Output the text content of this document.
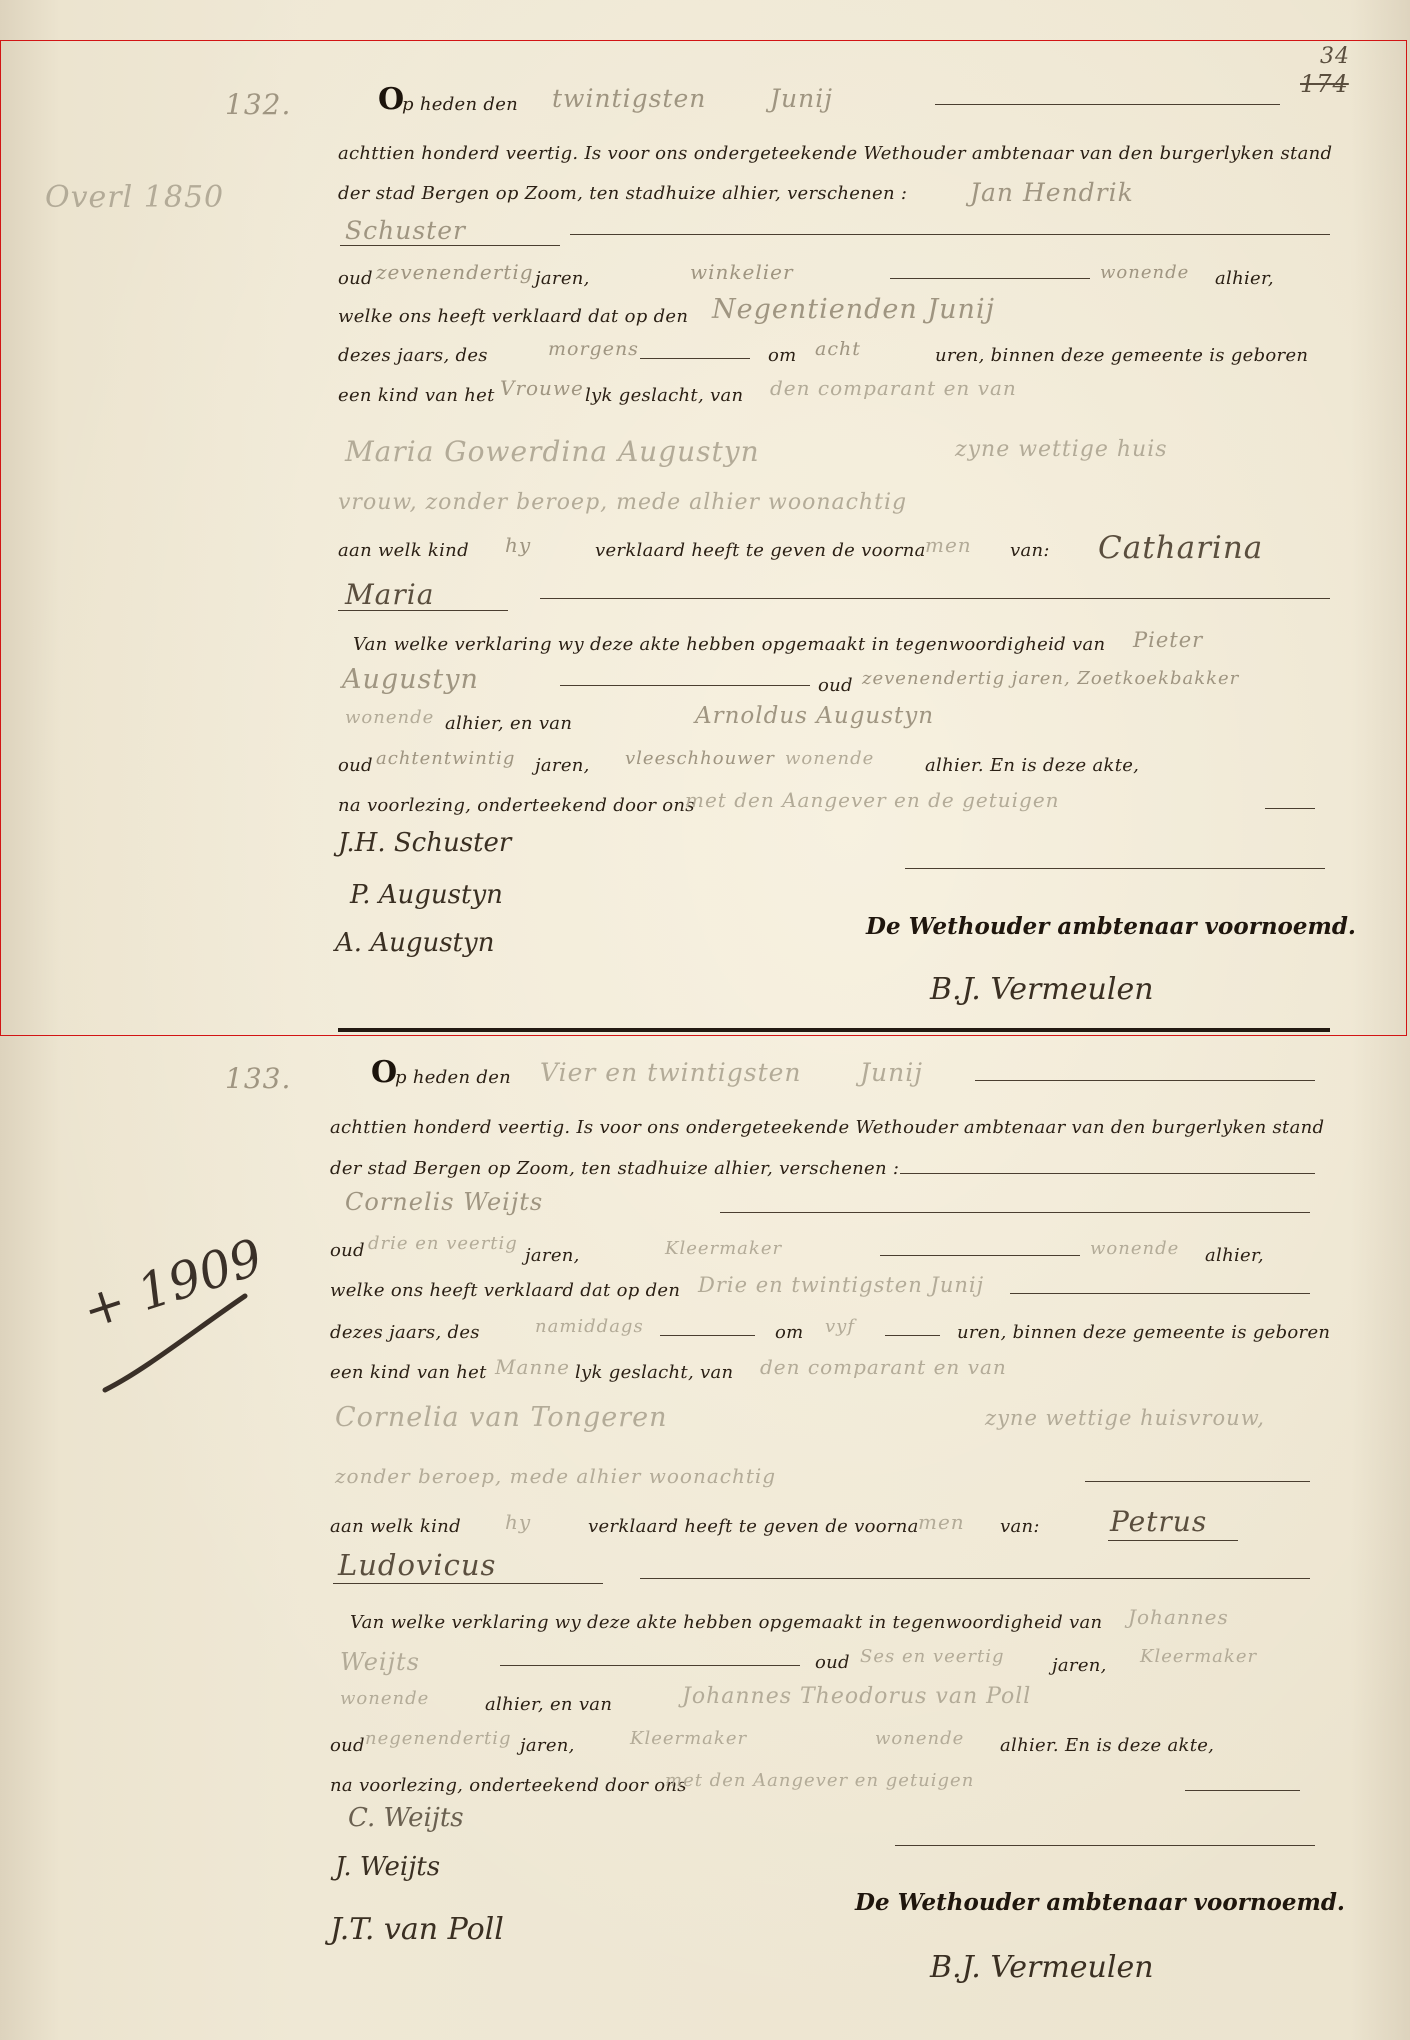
34
174
132.
Overl 1850
O
p heden den twintigsten	Junij
achttien honderd veertig. Is voor ons ondergeteekende Wethouder ambtenaar van den burgerlyken stand
der stad Bergen op Zoom, ten stadhuize alhier, verschenen :	Jan Hendrik
Schuster
oud zevenendertig jaren,	winkelier	wonende alhier,
welke ons heeft verklaard dat op den Negentienden Junij
dezes jaars, des	morgens	om acht	uren, binnen deze gemeente is geboren
een kind van het Vrouwe lyk geslacht, van den comparant en van
Maria Gowerdina Augustyn	zyne wettige huis
vrouw, zonder beroep, mede alhier woonachtig
aan welk kind hy	verklaard heeft te geven de voorna men van: Catharina
Maria
Van welke verklaring wy deze akte hebben opgemaakt in tegenwoordigheid van Pieter
Augustyn	oud zevenendertig jaren, Zoetkoekbakker
wonende alhier, en van	Arnoldus Augustyn
oud achtentwintig jaren, vleeschhouwer wonende	alhier. En is deze akte,
na voorlezing, onderteekend door ons
met den Aangever en de getuigen
J.H. Schuster
P. Augustyn
A. Augustyn
De Wethouder ambtenaar voornoemd.
B.J. Vermeulen
133.
+ 1909
O
p heden den Vier en twintigsten Junij
achttien honderd veertig. Is voor ons ondergeteekende Wethouder ambtenaar van den burgerlyken stand
der stad Bergen op Zoom, ten stadhuize alhier, verschenen :
Cornelis Weijts
oud drie en veertig
jaren,	Kleermaker	wonende alhier,
welke ons heeft verklaard dat op den Drie en twintigsten Junij
dezes jaars, des	namiddags	om vyf	uren, binnen deze gemeente is geboren
een kind van het Manne lyk geslacht, van den comparant en van
Cornelia van Tongeren	zyne wettige huisvrouw,
zonder beroep, mede alhier woonachtig
aan welk kind hy	verklaard heeft te geven de voorna men van:	Petrus
Ludovicus
Van welke verklaring wy deze akte hebben opgemaakt in tegenwoordigheid van Johannes
Weijts	oud Ses en veertig	jaren, Kleermaker
wonende	alhier, en van	Johannes Theodorus van Poll
oud negenendertig jaren,	Kleermaker	wonende alhier. En is deze akte,
na voorlezing, onderteekend door ons
met den Aangever en getuigen
C. Weijts
J. Weijts
J.T. van Poll
De Wethouder ambtenaar voornoemd.
B.J. Vermeulen
